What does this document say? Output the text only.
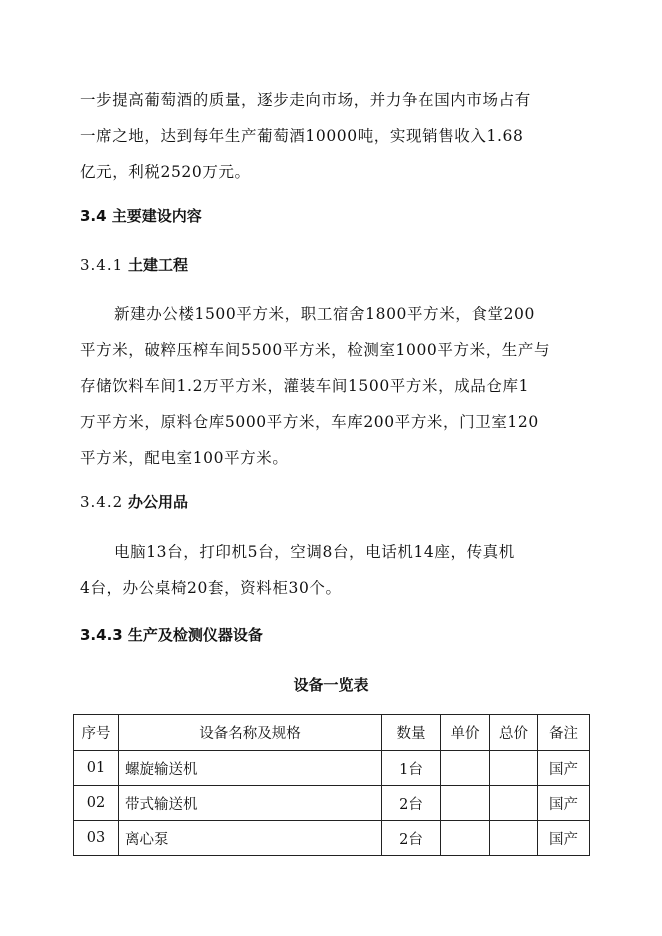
一步提高葡萄酒的质量，逐步走向市场，并力争在国内市场占有
一席之地，达到每年生产葡萄酒10000吨，实现销售收入1.68
亿元，利税2520万元。
3.4 主要建设内容
3.4.1 土建工程
新建办公楼1500平方米，职工宿舍1800平方米，食堂200
平方米，破粹压榨车间5500平方米，检测室1000平方米，生产与
存储饮料车间1.2万平方米，灌装车间1500平方米，成品仓库1
万平方米，原料仓库5000平方米，车库200平方米，门卫室120
平方米，配电室100平方米。
3.4.2 办公用品
电脑13台，打印机5台，空调8台，电话机14座，传真机
4台，办公桌椅20套，资料柜30个。
3.4.3 生产及检测仪器设备
设备一览表
序号	设备名称及规格	数量	单价	总价	备注
01	螺旋输送机	1台			国产
02	带式输送机	2台			国产
03	离心泵	2台			国产
